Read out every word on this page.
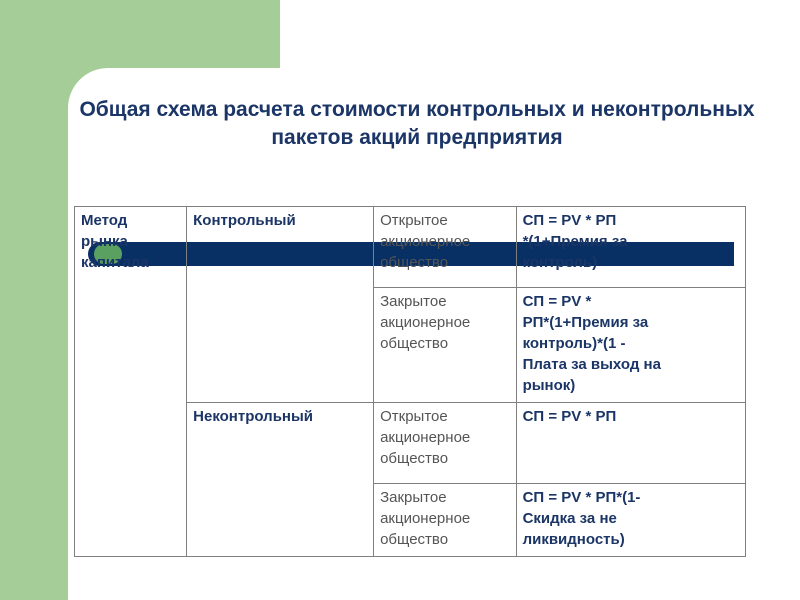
Общая схема расчета стоимости контрольных и неконтрольных пакетов акций предприятия
Метод
рынка
капитала	Контрольный	Открытое
акционерное
общество	СП = PV * РП
*(1+Премия за
контроль)
		Закрытое
акционерное
общество	СП = PV *
РП*(1+Премия за
контроль)*(1 -
Плата за выход на
рынок)
	Неконтрольный	Открытое
акционерное
общество	СП = PV * РП
		Закрытое
акционерное
общество	СП = PV * РП*(1-
Скидка за не
ликвидность)
